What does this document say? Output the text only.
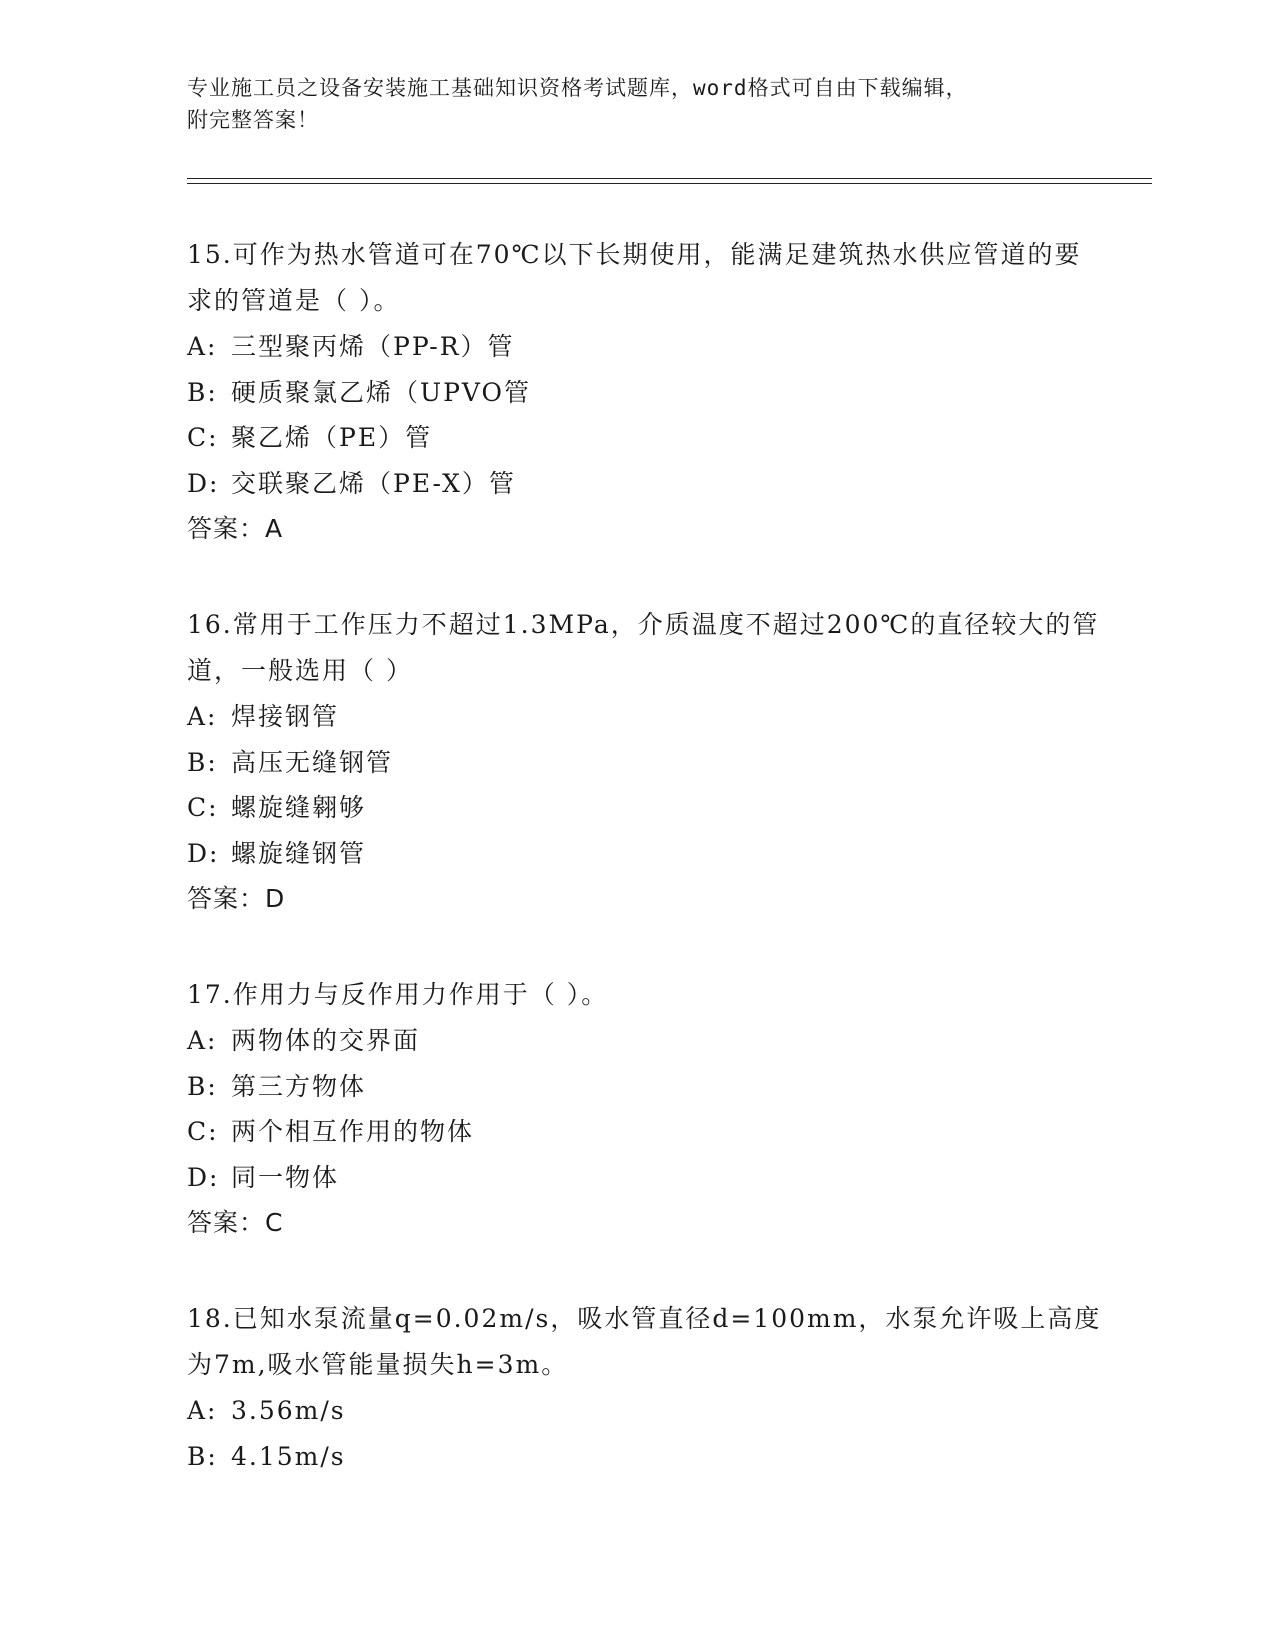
专业施工员之设备安装施工基础知识资格考试题库，word格式可自由下载编辑，
附完整答案！

15.可作为热水管道可在70℃以下长期使用，能满足建筑热水供应管道的要求的管道是（ ）。

A: 三型聚丙烯（PP-R）管

B: 硬质聚氯乙烯（UPVO管

C: 聚乙烯（PE）管

D: 交联聚乙烯（PE-X）管

答案：A

16.常用于工作压力不超过1.3MPa，介质温度不超过200℃的直径较大的管道，一般选用（ ）

A: 焊接钢管

B: 高压无缝钢管

C: 螺旋缝翱够

D: 螺旋缝钢管

答案：D

17.作用力与反作用力作用于（ ）。

A: 两物体的交界面

B: 第三方物体

C: 两个相互作用的物体

D: 同一物体

答案：C

18.已知水泵流量q=0.02m/s，吸水管直径d=100mm，水泵允许吸上高度为7m,吸水管能量损失h=3m。

A: 3.56m/s

B: 4.15m/s
